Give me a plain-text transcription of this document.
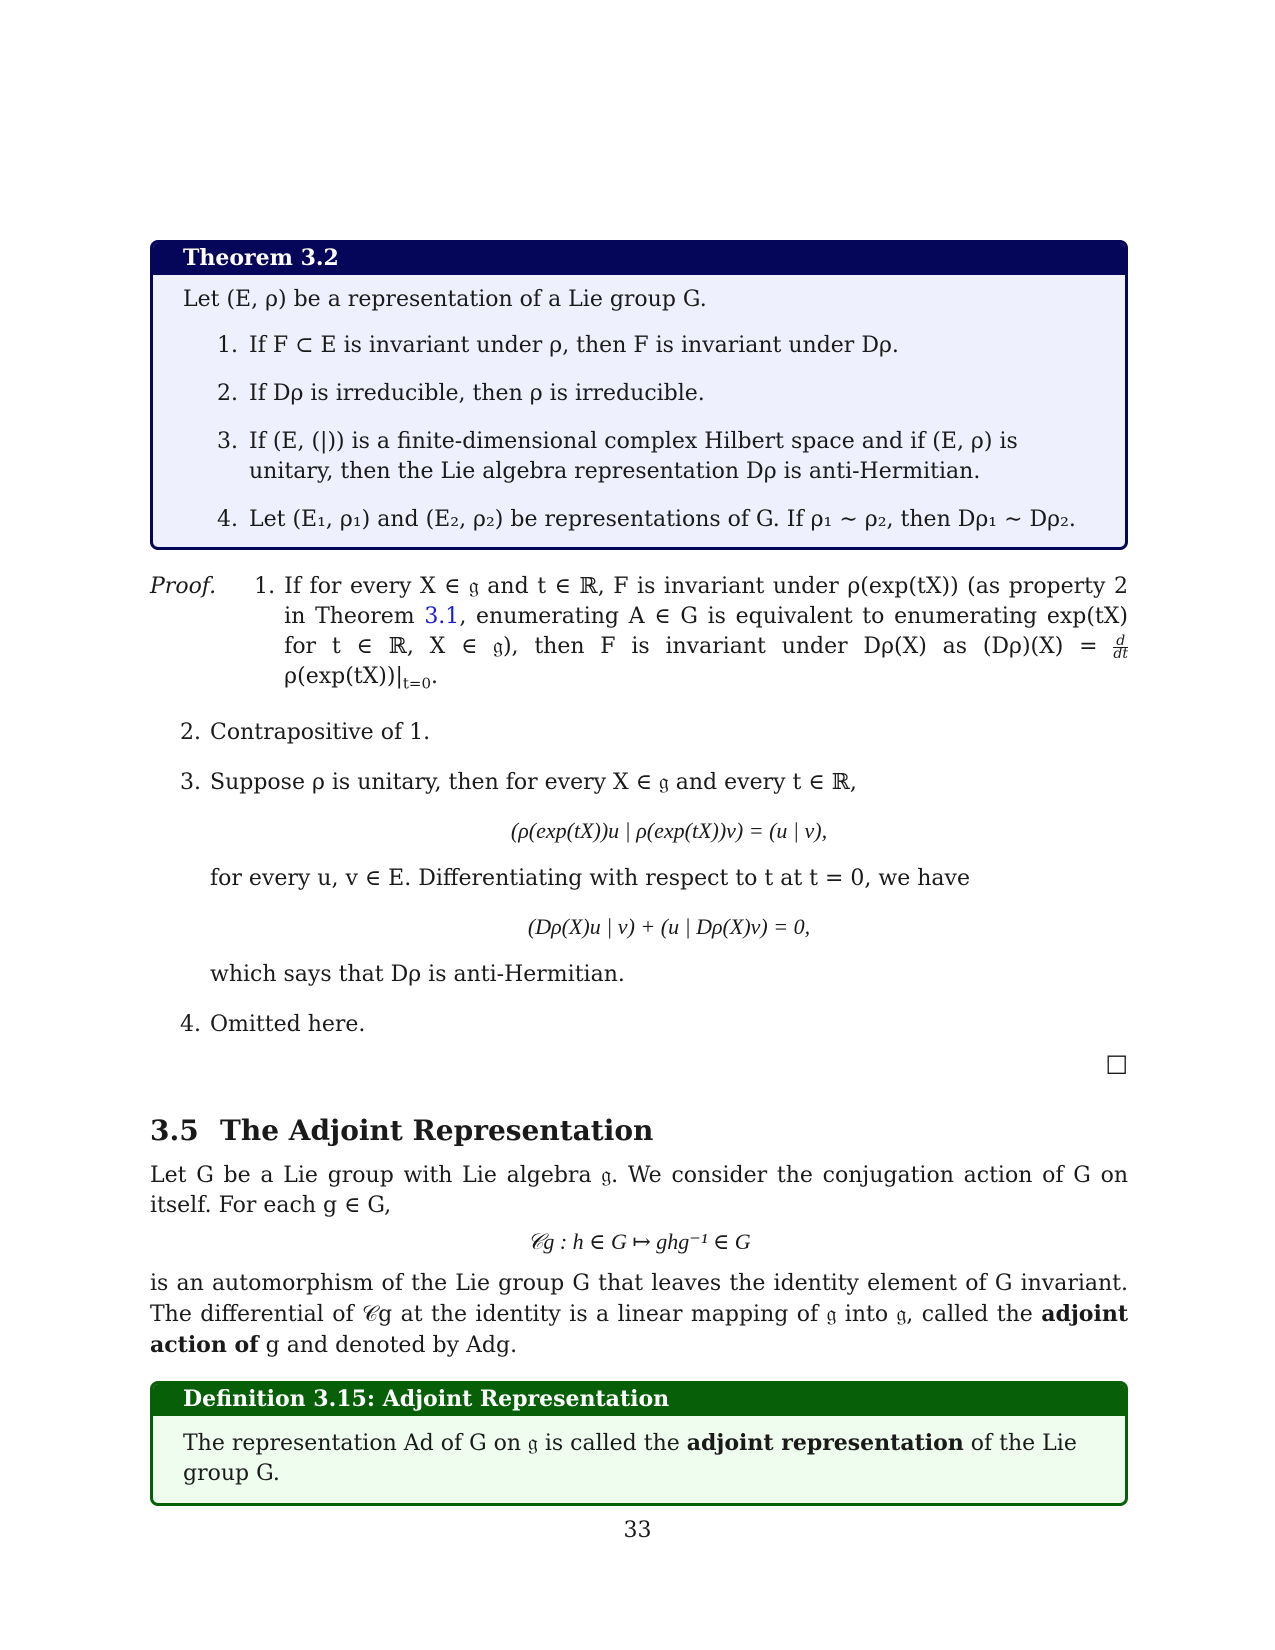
Theorem 3.2

Let (E, ρ) be a representation of a Lie group G.

1. If F ⊂ E is invariant under ρ, then F is invariant under Dρ.
2. If Dρ is irreducible, then ρ is irreducible.
3. If (E, (|)) is a finite-dimensional complex Hilbert space and if (E, ρ) is unitary, then the Lie algebra representation Dρ is anti-Hermitian.
4. Let (E₁, ρ₁) and (E₂, ρ₂) be representations of G. If ρ₁ ∼ ρ₂, then Dρ₁ ∼ Dρ₂.
Proof.	1. If for every X ∈ 𝔤 and t ∈ ℝ, F is invariant under ρ(exp(tX)) (as property 2 in Theorem 3.1, enumerating A ∈ G is equivalent to enumerating exp(tX) for t ∈ ℝ, X ∈ 𝔤), then F is invariant under Dρ(X) as $(D\rho)(X) = \frac{d}{dt}$
$\rho(\exp(tX))|_{t=0}$.
2. Contrapositive of 1.
3. Suppose ρ is unitary, then for every X ∈ 𝔤 and every t ∈ ℝ,
(ρ(exp(tX))u | ρ(exp(tX))v) = (u | v),
for every u, v ∈ E. Differentiating with respect to t at t = 0, we have
(Dρ(X)u | v) + (u | Dρ(X)v) = 0,
which says that Dρ is anti-Hermitian.
4. Omitted here.
□
3.5 The Adjoint Representation

Let G be a Lie group with Lie algebra 𝔤. We consider the conjugation action of G on itself. For each g ∈ G,

𝒞g : h ∈ G ↦ ghg⁻¹ ∈ G

is an automorphism of the Lie group G that leaves the identity element of G invariant. The differential of 𝒞g at the identity is a linear mapping of 𝔤 into 𝔤, called the adjoint action of g and denoted by Adg.

Definition 3.15: Adjoint Representation
The representation Ad of G on 𝔤 is called the adjoint representation of the Lie group G.
33
